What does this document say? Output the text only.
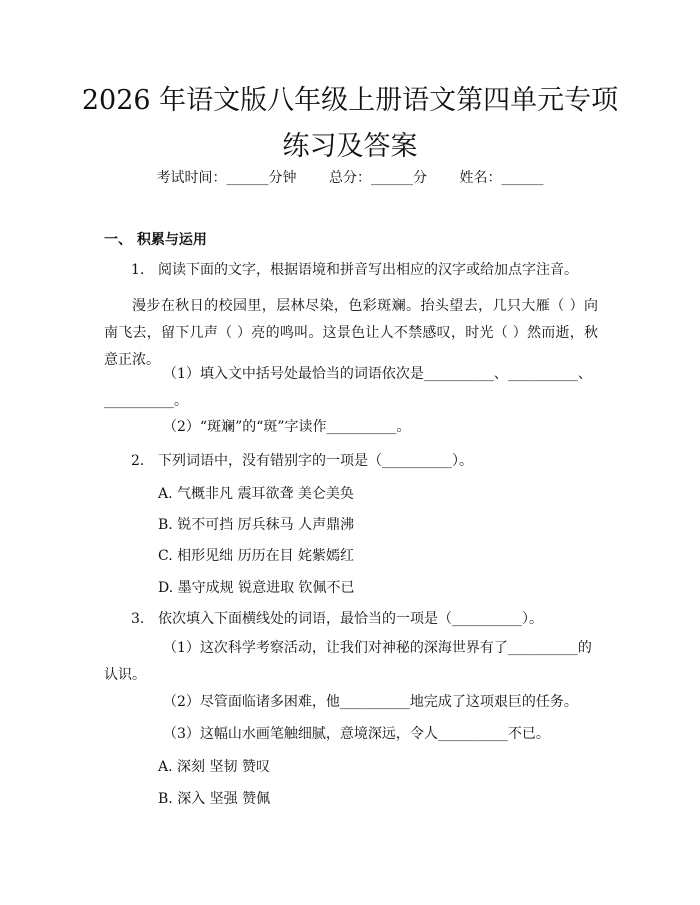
2026 年语文版八年级上册语文第四单元专项
练习及答案
考试时间：______分钟 总分：______分 姓名：______
一、 积累与运用
1. 阅读下面的文字，根据语境和拼音写出相应的汉字或给加点字注音。

漫步在秋日的校园里，层林尽染，色彩斑斓。抬头望去，几只大雁（ ）向南飞去，留下几声（ ）亮的鸣叫。这景色让人不禁感叹，时光（ ）然而逝，秋意正浓。

（1）填入文中括号处最恰当的词语依次是__________、__________、__________。

（2）“斑斓”的“斑”字读作__________。
2. 下列词语中，没有错别字的一项是（__________）。
A. 气概非凡 震耳欲聋 美仑美奂
B. 锐不可挡 厉兵秣马 人声鼎沸
C. 相形见绌 历历在目 姹紫嫣红
D. 墨守成规 锐意进取 钦佩不已
3. 依次填入下面横线处的词语，最恰当的一项是（__________）。

（1）这次科学考察活动，让我们对神秘的深海世界有了__________的认识。

（2）尽管面临诸多困难，他__________地完成了这项艰巨的任务。
（3）这幅山水画笔触细腻，意境深远，令人__________不已。
A. 深刻 坚韧 赞叹
B. 深入 坚强 赞佩
